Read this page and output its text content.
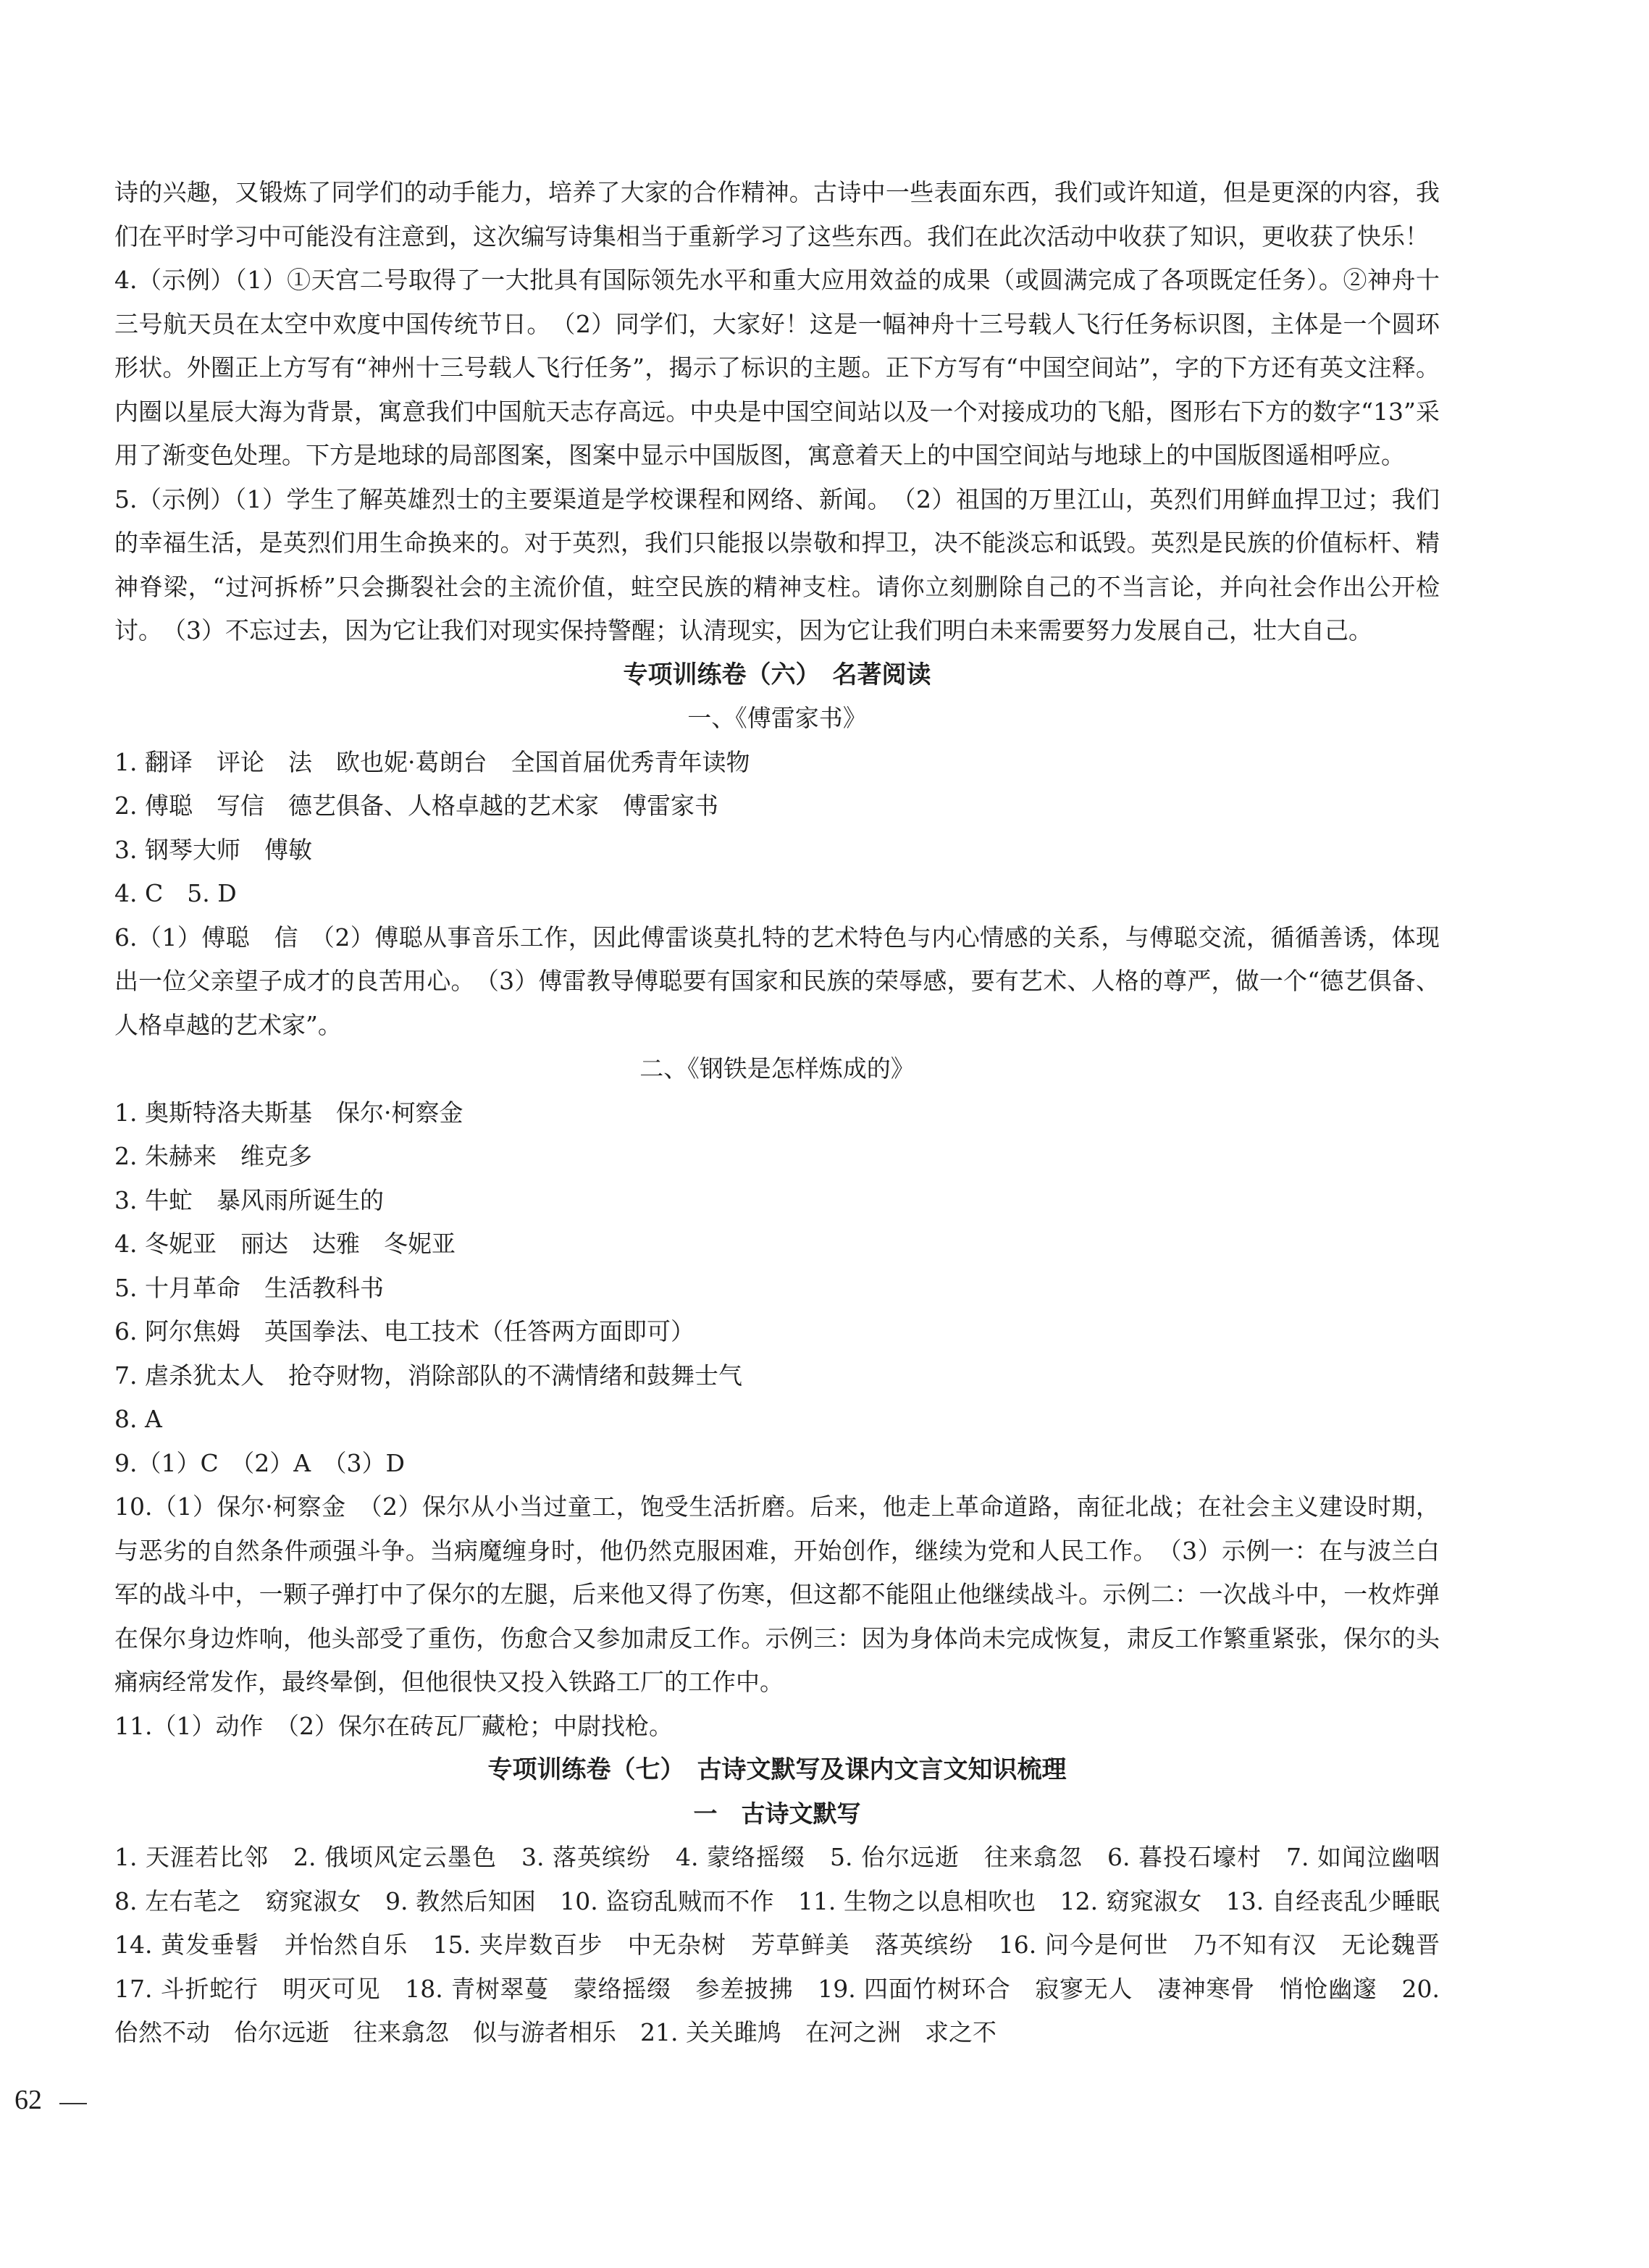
诗的兴趣，又锻炼了同学们的动手能力，培养了大家的合作精神。古诗中一些表面东西，我们或许知道，但是更深的内容，我们在平时学习中可能没有注意到，这次编写诗集相当于重新学习了这些东西。我们在此次活动中收获了知识，更收获了快乐！

4.（示例）（1）①天宫二号取得了一大批具有国际领先水平和重大应用效益的成果（或圆满完成了各项既定任务）。②神舟十三号航天员在太空中欢度中国传统节日。　（2）同学们，大家好！这是一幅神舟十三号载人飞行任务标识图，主体是一个圆环形状。外圈正上方写有“神州十三号载人飞行任务”，揭示了标识的主题。正下方写有“中国空间站”，字的下方还有英文注释。内圈以星辰大海为背景，寓意我们中国航天志存高远。中央是中国空间站以及一个对接成功的飞船，图形右下方的数字“13”采用了渐变色处理。下方是地球的局部图案，图案中显示中国版图，寓意着天上的中国空间站与地球上的中国版图遥相呼应。

5.（示例）（1）学生了解英雄烈士的主要渠道是学校课程和网络、新闻。　（2）祖国的万里江山，英烈们用鲜血捍卫过；我们的幸福生活，是英烈们用生命换来的。对于英烈，我们只能报以崇敬和捍卫，决不能淡忘和诋毁。英烈是民族的价值标杆、精神脊梁，“过河拆桥”只会撕裂社会的主流价值，蛀空民族的精神支柱。请你立刻删除自己的不当言论，并向社会作出公开检讨。　（3）不忘过去，因为它让我们对现实保持警醒；认清现实，因为它让我们明白未来需要努力发展自己，壮大自己。

专项训练卷（六）　名著阅读

一、《傅雷家书》

1. 翻译　评论　法　欧也妮·葛朗台　全国首届优秀青年读物

2. 傅聪　写信　德艺俱备、人格卓越的艺术家　傅雷家书

3. 钢琴大师　傅敏

4. C　5. D

6.（1）傅聪　信　（2）傅聪从事音乐工作，因此傅雷谈莫扎特的艺术特色与内心情感的关系，与傅聪交流，循循善诱，体现出一位父亲望子成才的良苦用心。　（3）傅雷教导傅聪要有国家和民族的荣辱感，要有艺术、人格的尊严，做一个“德艺俱备、人格卓越的艺术家”。

二、《钢铁是怎样炼成的》

1. 奥斯特洛夫斯基　保尔·柯察金

2. 朱赫来　维克多

3. 牛虻　暴风雨所诞生的

4. 冬妮亚　丽达　达雅　冬妮亚

5. 十月革命　生活教科书

6. 阿尔焦姆　英国拳法、电工技术（任答两方面即可）

7. 虐杀犹太人　抢夺财物，消除部队的不满情绪和鼓舞士气

8. A

9.（1）C　（2）A　（3）D

10.（1）保尔·柯察金　（2）保尔从小当过童工，饱受生活折磨。后来，他走上革命道路，南征北战；在社会主义建设时期，与恶劣的自然条件顽强斗争。当病魔缠身时，他仍然克服困难，开始创作，继续为党和人民工作。　（3）示例一：在与波兰白军的战斗中，一颗子弹打中了保尔的左腿，后来他又得了伤寒，但这都不能阻止他继续战斗。示例二：一次战斗中，一枚炸弹在保尔身边炸响，他头部受了重伤，伤愈合又参加肃反工作。示例三：因为身体尚未完成恢复，肃反工作繁重紧张，保尔的头痛病经常发作，最终晕倒，但他很快又投入铁路工厂的工作中。

11.（1）动作　（2）保尔在砖瓦厂藏枪；中尉找枪。

专项训练卷（七）　古诗文默写及课内文言文知识梳理

一　古诗文默写

1. 天涯若比邻　2. 俄顷风定云墨色　3. 落英缤纷　4. 蒙络摇缀　5. 佁尔远逝　往来翕忽　6. 暮投石壕村　7. 如闻泣幽咽　8. 左右芼之　窈窕淑女　9. 教然后知困　10. 盗窃乱贼而不作　11. 生物之以息相吹也　12. 窈窕淑女　13. 自经丧乱少睡眠　14. 黄发垂髫　并怡然自乐　15. 夹岸数百步　中无杂树　芳草鲜美　落英缤纷　16. 问今是何世　乃不知有汉　无论魏晋　17. 斗折蛇行　明灭可见　18. 青树翠蔓　蒙络摇缀　参差披拂　19. 四面竹树环合　寂寥无人　凄神寒骨　悄怆幽邃　20. 佁然不动　佁尔远逝　往来翕忽　似与游者相乐　21. 关关雎鸠　在河之洲　求之不

62
